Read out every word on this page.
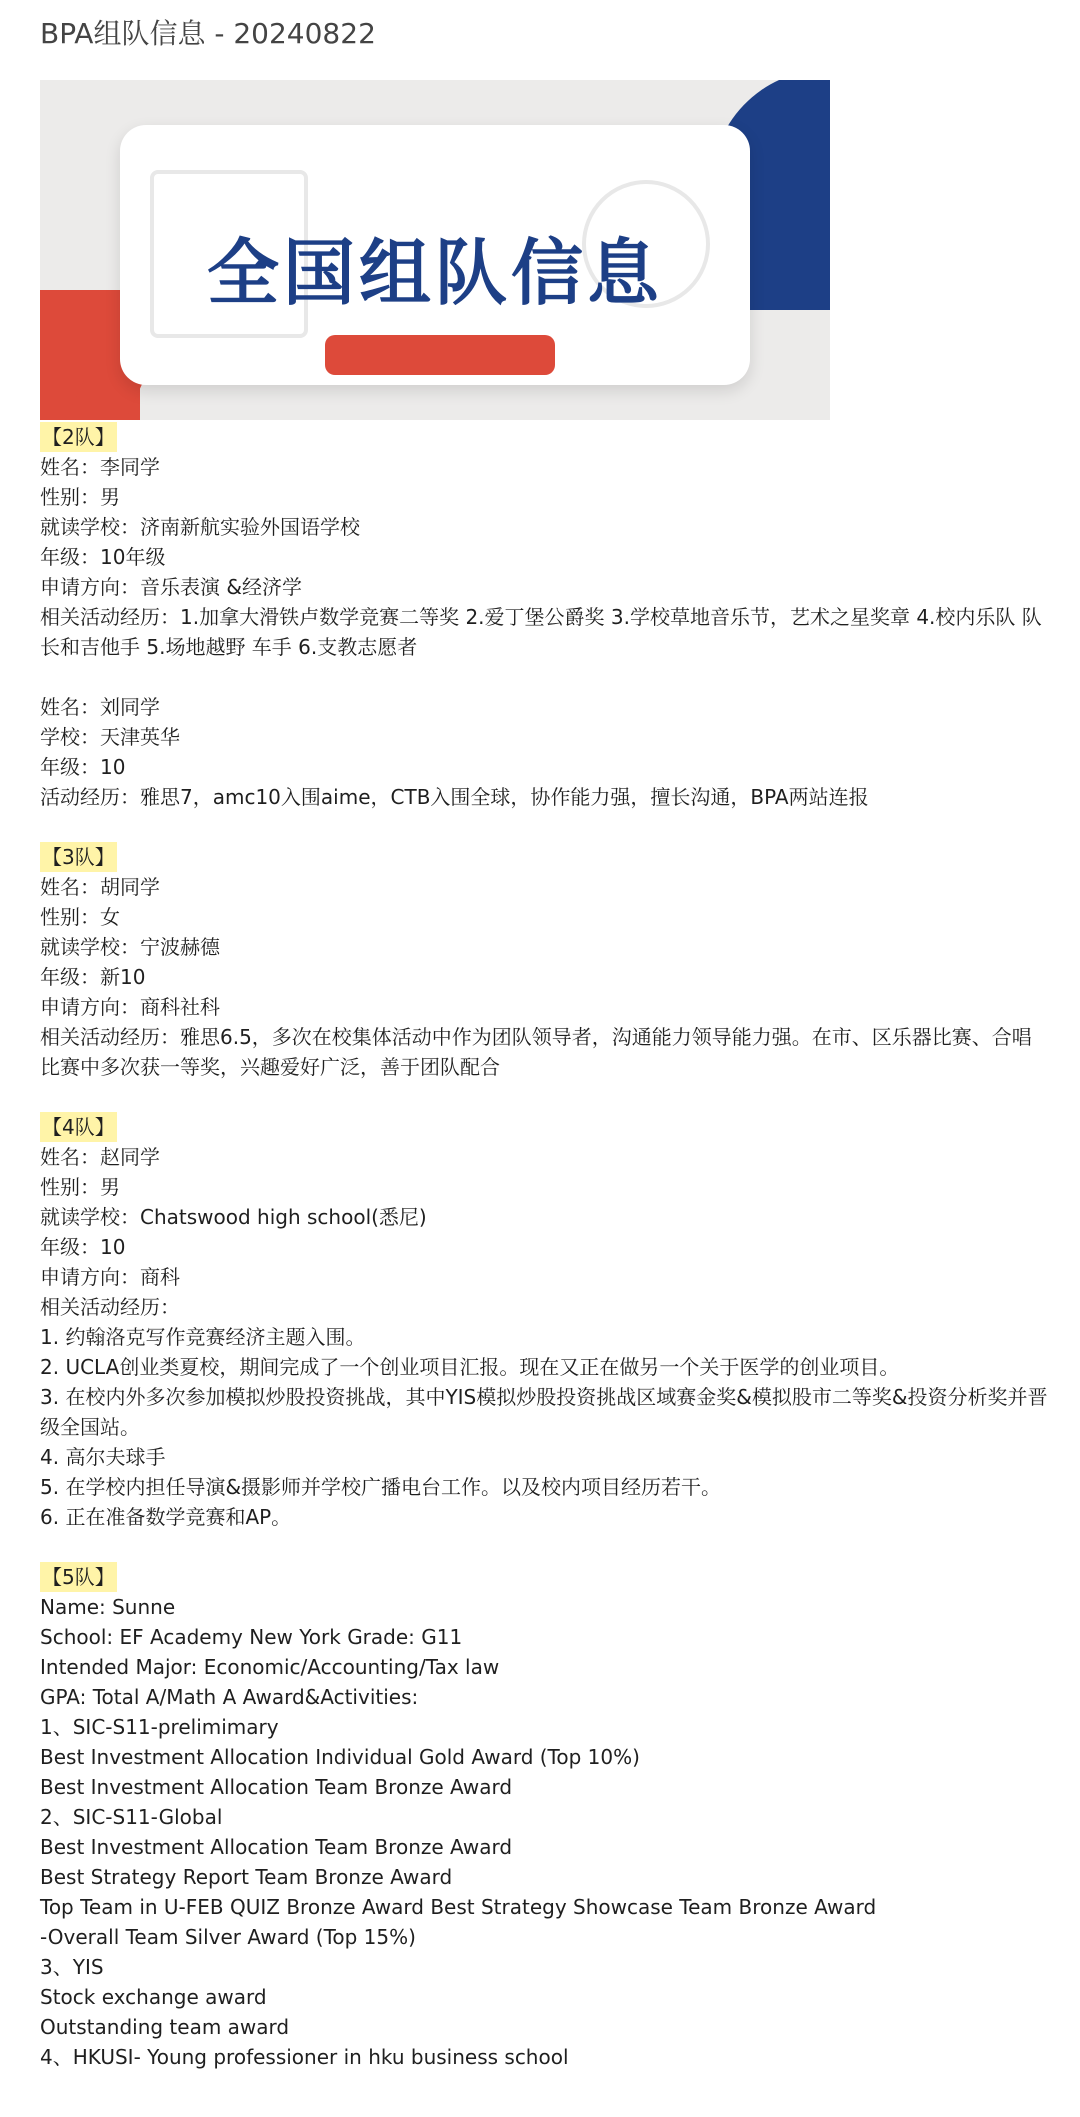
BPA组队信息 - 20240822
全国组队信息

【2队】

姓名：李同学

性别：男

就读学校：济南新航实验外国语学校

年级：10年级

申请方向：音乐表演 &经济学

相关活动经历：1.加拿大滑铁卢数学竞赛二等奖 2.爱丁堡公爵奖 3.学校草地音乐节，艺术之星奖章 4.校内乐队 队长和吉他手 5.场地越野 车手 6.支教志愿者

姓名：刘同学

学校：天津英华

年级：10

活动经历：雅思7，amc10入围aime，CTB入围全球，协作能力强，擅长沟通，BPA两站连报

【3队】

姓名：胡同学

性别：女

就读学校：宁波赫德

年级：新10

申请方向：商科社科

相关活动经历：雅思6.5，多次在校集体活动中作为团队领导者，沟通能力领导能力强。在市、区乐器比赛、合唱比赛中多次获一等奖，兴趣爱好广泛，善于团队配合

【4队】

姓名：赵同学

性别：男

就读学校：Chatswood high school(悉尼)

年级：10

申请方向：商科

相关活动经历：

1. 约翰洛克写作竞赛经济主题入围。

2. UCLA创业类夏校，期间完成了一个创业项目汇报。现在又正在做另一个关于医学的创业项目。

3. 在校内外多次参加模拟炒股投资挑战，其中YIS模拟炒股投资挑战区域赛金奖&模拟股市二等奖&投资分析奖并晋级全国站。

4. 高尔夫球手

5. 在学校内担任导演&摄影师并学校广播电台工作。以及校内项目经历若干。

6. 正在准备数学竞赛和AP。

【5队】

Name: Sunne

School: EF Academy New York Grade: G11

Intended Major: Economic/Accounting/Tax law

GPA: Total A/Math A Award&Activities:

1、SIC-S11-prelimimary

Best Investment Allocation Individual Gold Award (Top 10%)

Best Investment Allocation Team Bronze Award

2、SIC-S11-Global

Best Investment Allocation Team Bronze Award

Best Strategy Report Team Bronze Award

Top Team in U-FEB QUIZ Bronze Award Best Strategy Showcase Team Bronze Award

-Overall Team Silver Award (Top 15%)

3、YIS

Stock exchange award

Outstanding team award

4、HKUSI- Young professioner in hku business school
